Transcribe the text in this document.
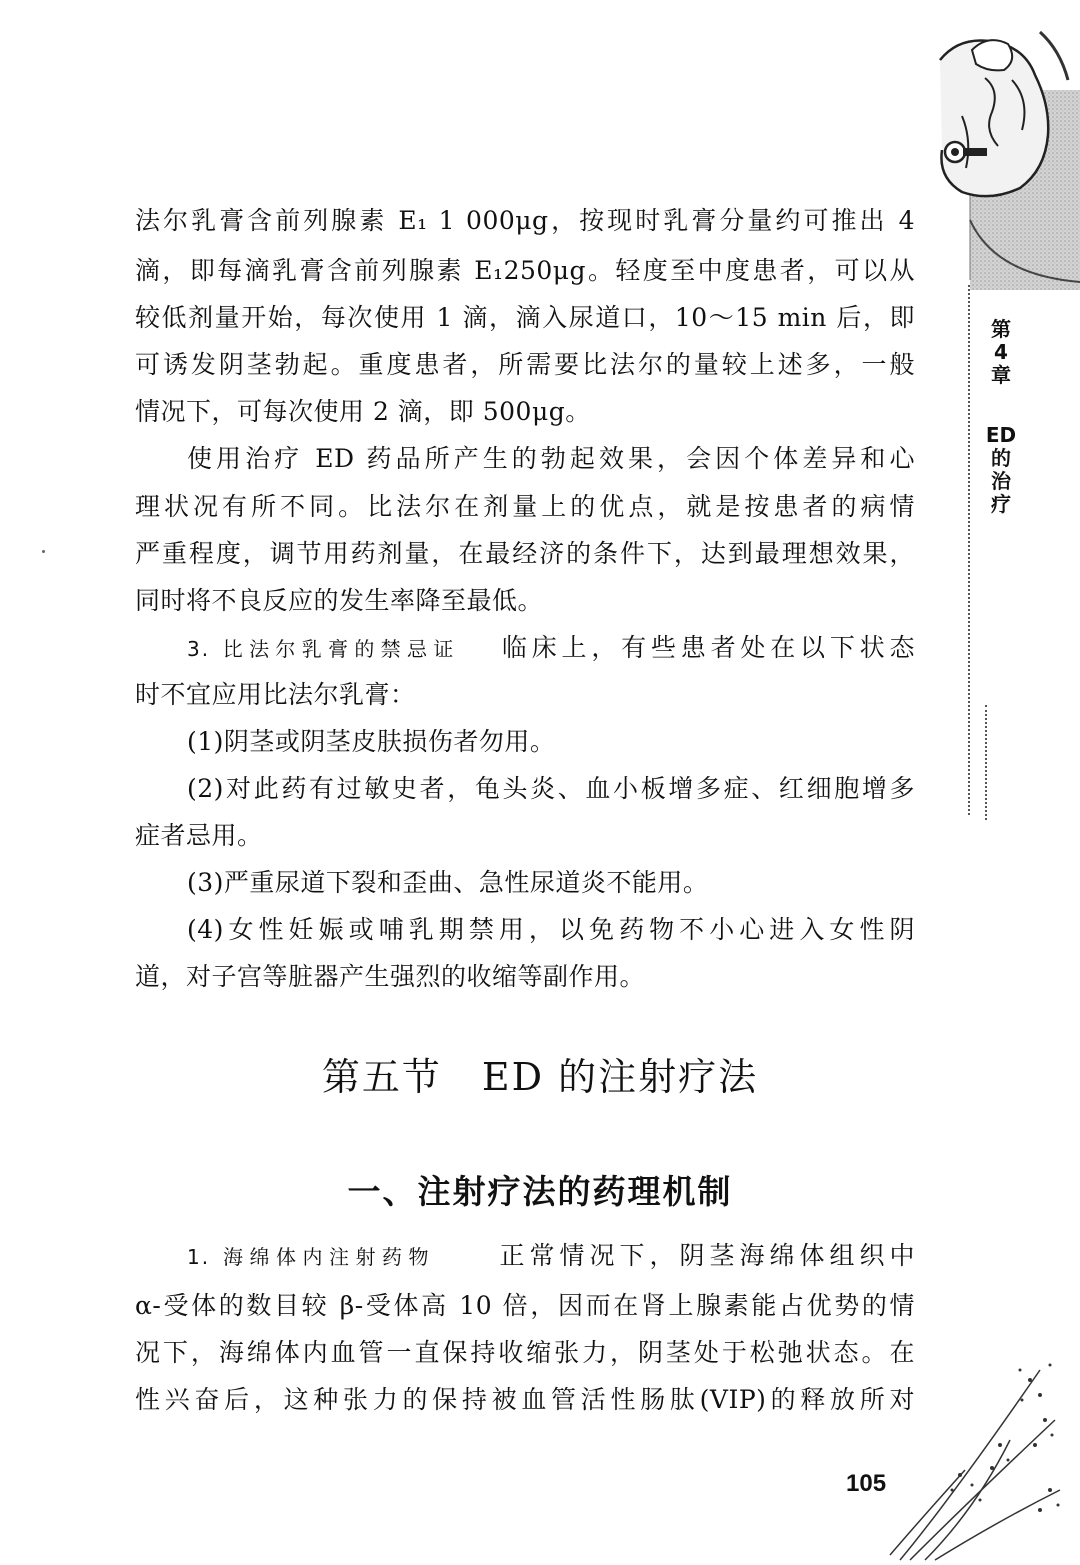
第
4
章
ED
的
治
疗
法尔乳膏含前列腺素 E₁ 1 000μg，按现时乳膏分量约可推出 4
滴，即每滴乳膏含前列腺素 E₁250μg。轻度至中度患者，可以从
较低剂量开始，每次使用 1 滴，滴入尿道口，10～15 min 后，即
可诱发阴茎勃起。重度患者，所需要比法尔的量较上述多，一般
情况下，可每次使用 2 滴，即 500μg。
使用治疗 ED 药品所产生的勃起效果，会因个体差异和心
理状况有所不同。比法尔在剂量上的优点，就是按患者的病情
严重程度，调节用药剂量，在最经济的条件下，达到最理想效果，
同时将不良反应的发生率降至最低。
3. 比法尔乳膏的禁忌证 临床上，有些患者处在以下状态
时不宜应用比法尔乳膏：
(1)阴茎或阴茎皮肤损伤者勿用。
(2)对此药有过敏史者，龟头炎、血小板增多症、红细胞增多
症者忌用。
(3)严重尿道下裂和歪曲、急性尿道炎不能用。
(4)女性妊娠或哺乳期禁用，以免药物不小心进入女性阴
道，对子宫等脏器产生强烈的收缩等副作用。
第五节　ED 的注射疗法
一、注射疗法的药理机制
1. 海绵体内注射药物 正常情况下，阴茎海绵体组织中
α-受体的数目较 β-受体高 10 倍，因而在肾上腺素能占优势的情
况下，海绵体内血管一直保持收缩张力，阴茎处于松弛状态。在
性兴奋后，这种张力的保持被血管活性肠肽(VIP)的释放所对
105
